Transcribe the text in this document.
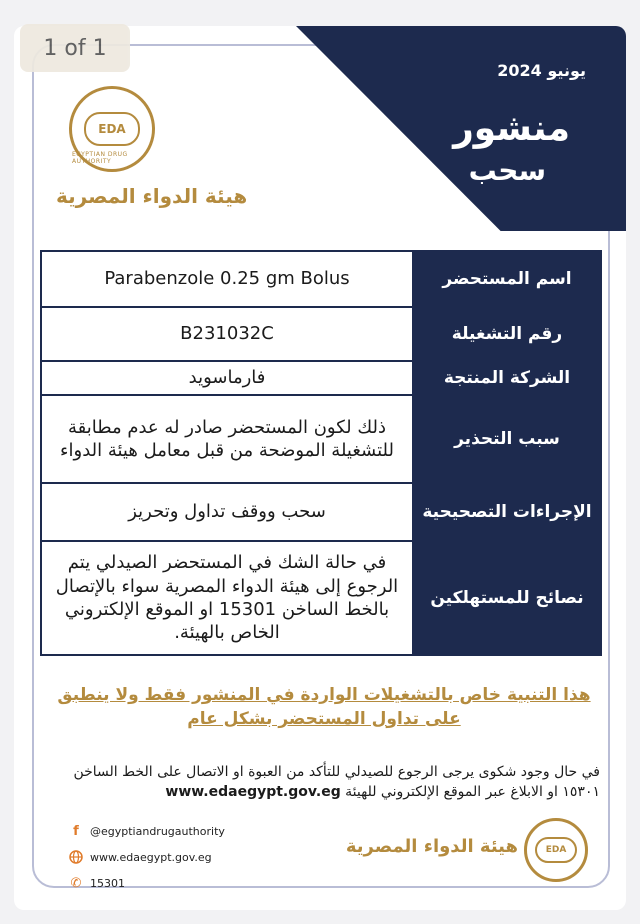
يونيو 2024
منشور
سحب
EDA
EGYPTIAN DRUG AUTHORITY
هيئة الدواء المصرية
Parabenzole 0.25 gm Bolus	اسم المستحضر
B231032C	رقم التشغيلة
فارماسويد	الشركة المنتجة
ذلك لكون المستحضر صادر له عدم مطابقة للتشغيلة الموضحة من قبل معامل هيئة الدواء	سبب التحذير
سحب ووقف تداول وتحريز	الإجراءات التصحيحية
في حالة الشك في المستحضر الصيدلي يتم الرجوع إلى هيئة الدواء المصرية سواء بالإتصال بالخط الساخن 15301 او الموقع الإلكتروني الخاص بالهيئة.	نصائح للمستهلكين
هذا التنبية خاص بالتشغيلات الواردة في المنشور فقط ولا ينطبق على تداول المستحضر بشكل عام
في حال وجود شكوى يرجى الرجوع للصيدلي للتأكد من العبوة او الاتصال على الخط الساخن ١٥٣٠١ او الابلاغ عبر الموقع الإلكتروني للهيئة www.edaegypt.gov.eg
f	@egyptiandrugauthority
www.edaegypt.gov.eg
✆ 15301
هيئة الدواء المصرية	EDA
1 of 1
